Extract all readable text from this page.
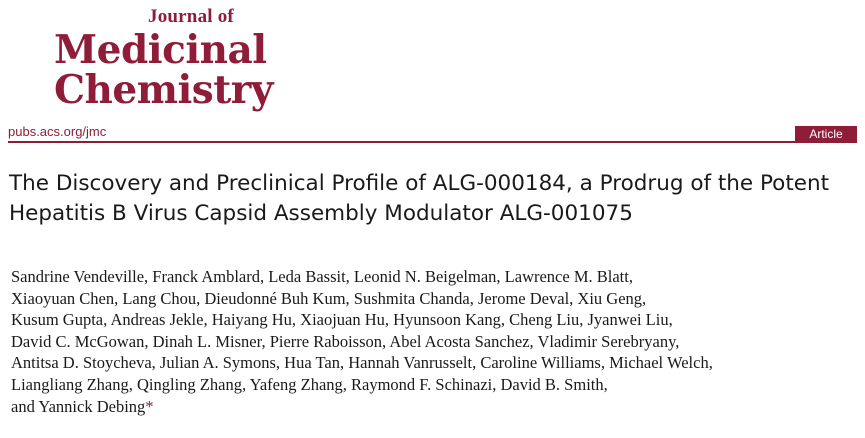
Journal of
Medicinal
Chemistry
pubs.acs.org/jmc	Article
The Discovery and Preclinical Profile of ALG-000184, a Prodrug of the Potent Hepatitis B Virus Capsid Assembly Modulator ALG-001075
Sandrine Vendeville, Franck Amblard, Leda Bassit, Leonid N. Beigelman, Lawrence M. Blatt,
Xiaoyuan Chen, Lang Chou, Dieudonné Buh Kum, Sushmita Chanda, Jerome Deval, Xiu Geng,
Kusum Gupta, Andreas Jekle, Haiyang Hu, Xiaojuan Hu, Hyunsoon Kang, Cheng Liu, Jyanwei Liu,
David C. McGowan, Dinah L. Misner, Pierre Raboisson, Abel Acosta Sanchez, Vladimir Serebryany,
Antitsa D. Stoycheva, Julian A. Symons, Hua Tan, Hannah Vanrusselt, Caroline Williams, Michael Welch,
Liangliang Zhang, Qingling Zhang, Yafeng Zhang, Raymond F. Schinazi, David B. Smith,
and Yannick Debing*
